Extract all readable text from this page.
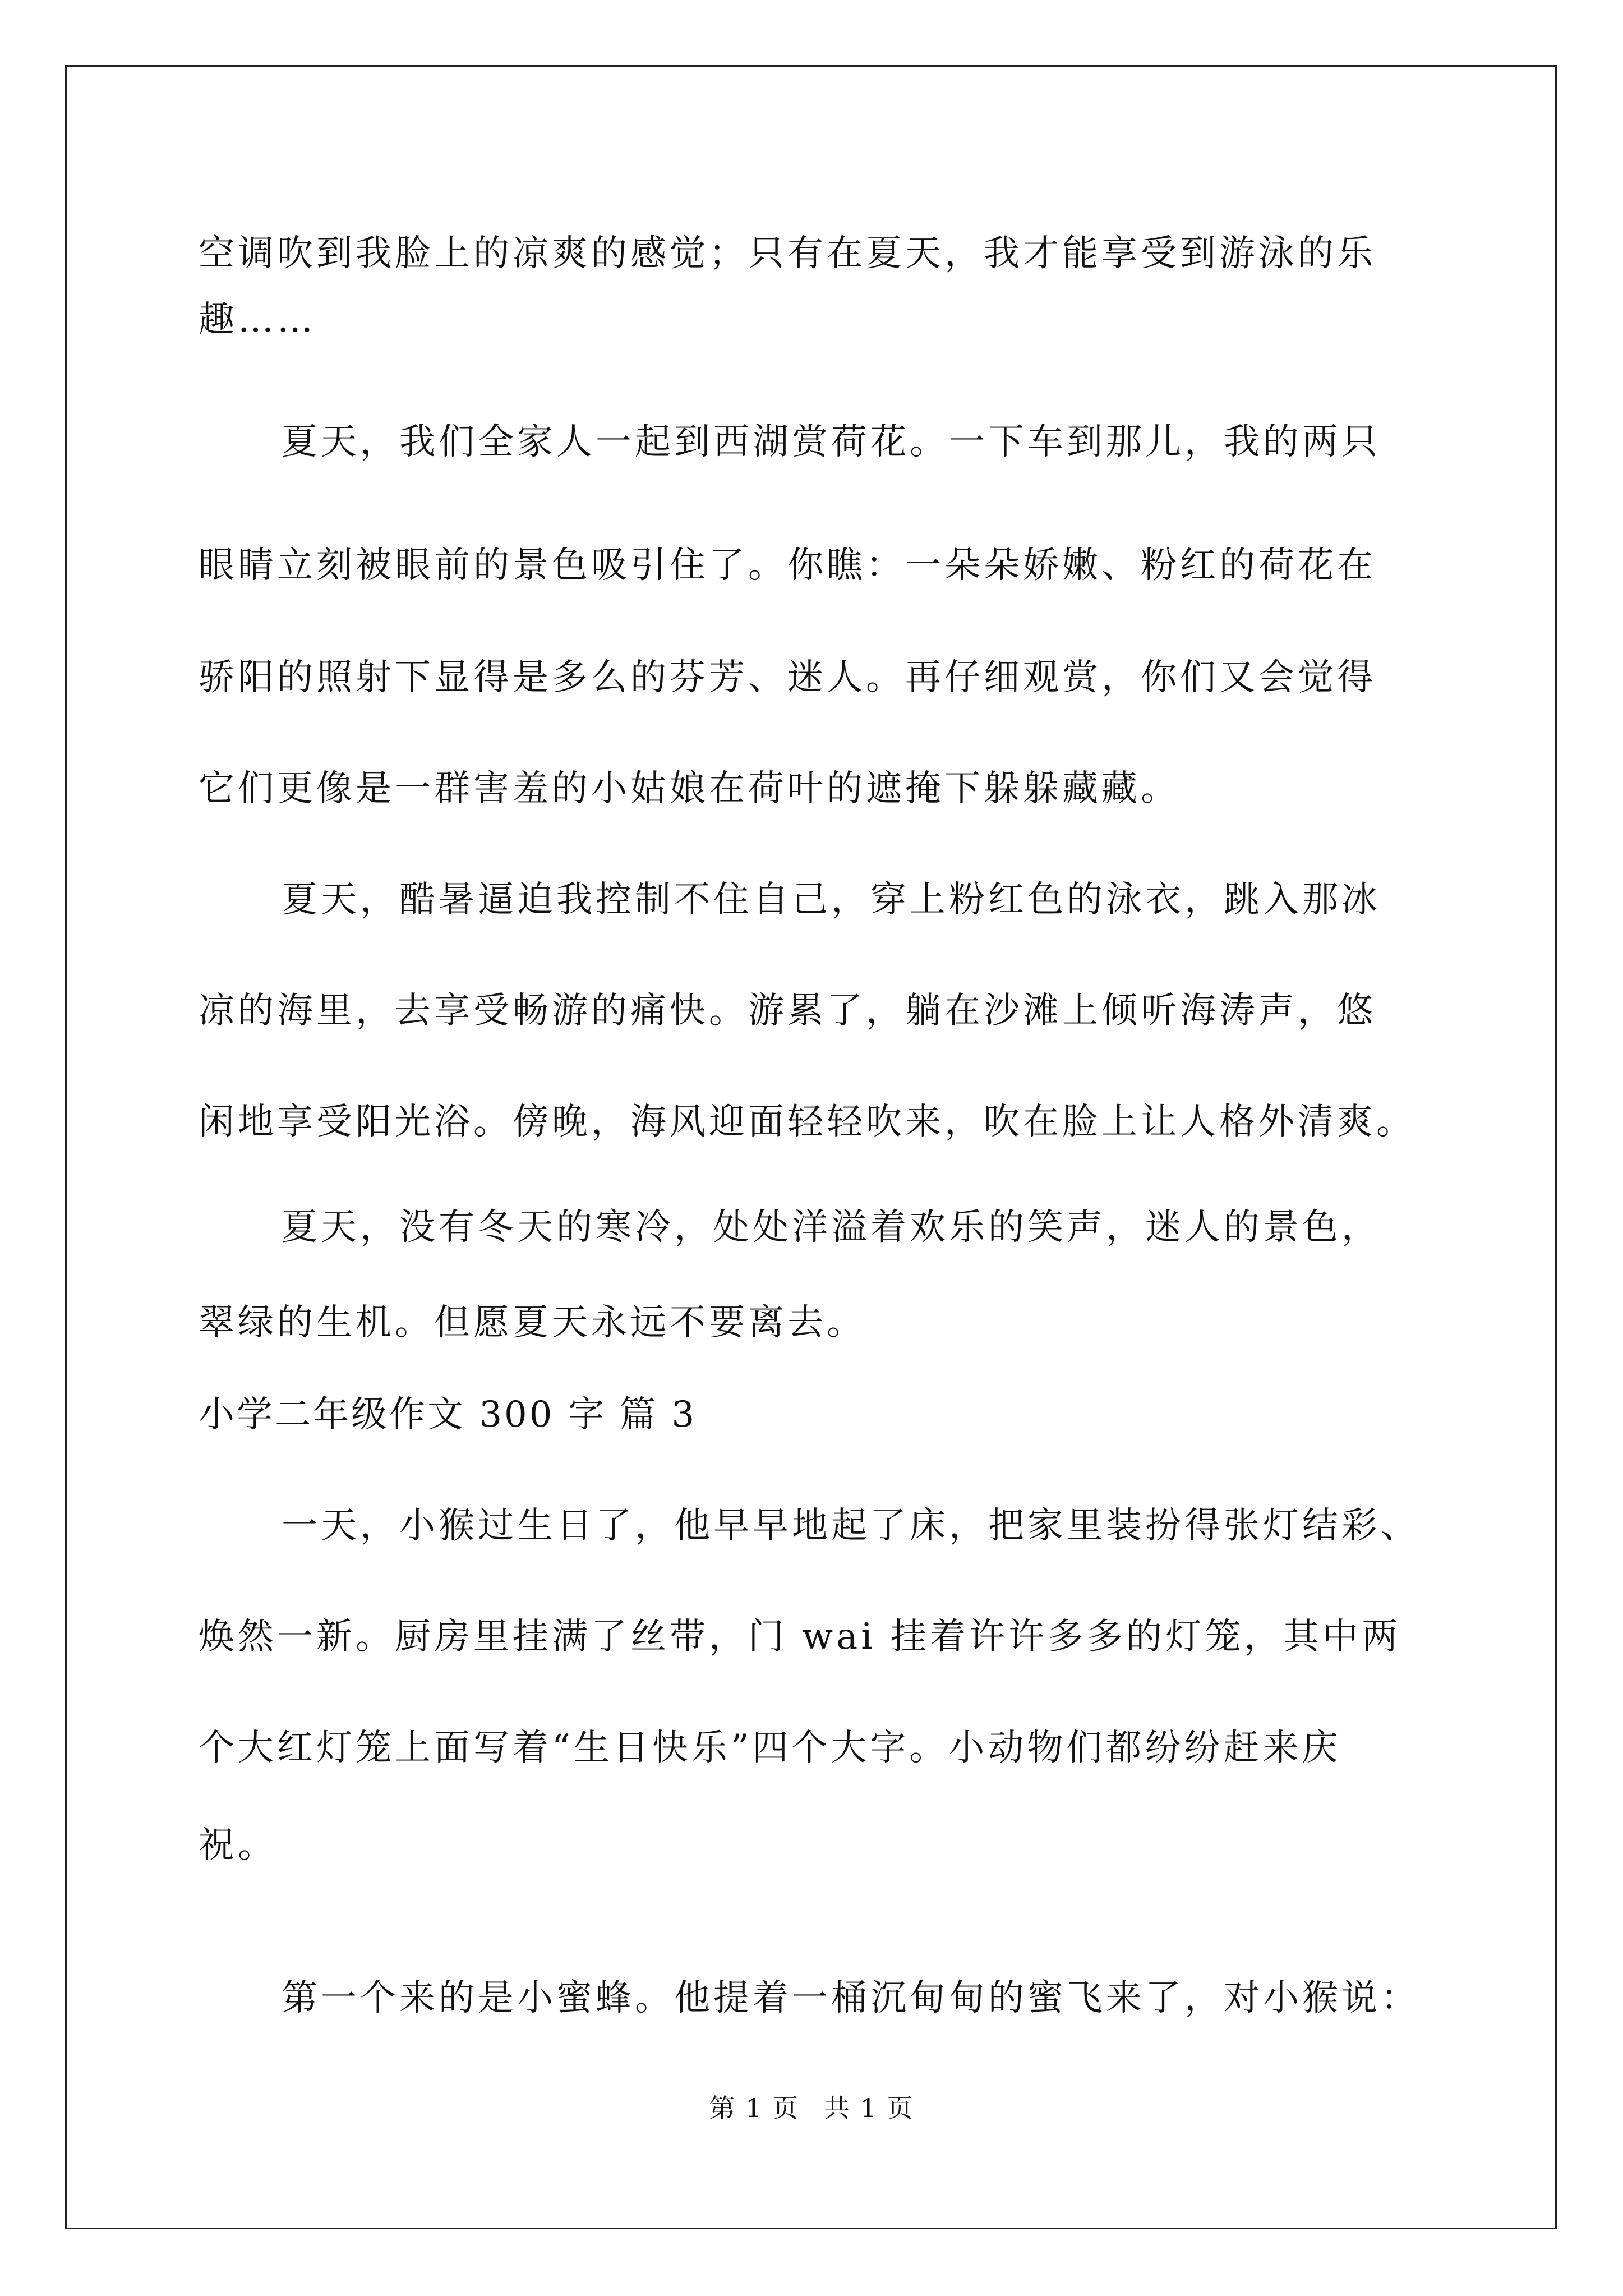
空调吹到我脸上的凉爽的感觉；只有在夏天，我才能享受到游泳的乐
趣……
夏天，我们全家人一起到西湖赏荷花。一下车到那儿，我的两只
眼睛立刻被眼前的景色吸引住了。你瞧：一朵朵娇嫩、粉红的荷花在
骄阳的照射下显得是多么的芬芳、迷人。再仔细观赏，你们又会觉得
它们更像是一群害羞的小姑娘在荷叶的遮掩下躲躲藏藏。
夏天，酷暑逼迫我控制不住自己，穿上粉红色的泳衣，跳入那冰
凉的海里，去享受畅游的痛快。游累了，躺在沙滩上倾听海涛声，悠
闲地享受阳光浴。傍晚，海风迎面轻轻吹来，吹在脸上让人格外清爽。
夏天，没有冬天的寒冷，处处洋溢着欢乐的笑声，迷人的景色，
翠绿的生机。但愿夏天永远不要离去。
小学二年级作文 300 字 篇 3
一天，小猴过生日了，他早早地起了床，把家里装扮得张灯结彩、
焕然一新。厨房里挂满了丝带，门 wai 挂着许许多多的灯笼，其中两
个大红灯笼上面写着“生日快乐”四个大字。小动物们都纷纷赶来庆
祝。
第一个来的是小蜜蜂。他提着一桶沉甸甸的蜜飞来了，对小猴说：
第 1 页 共 1 页
